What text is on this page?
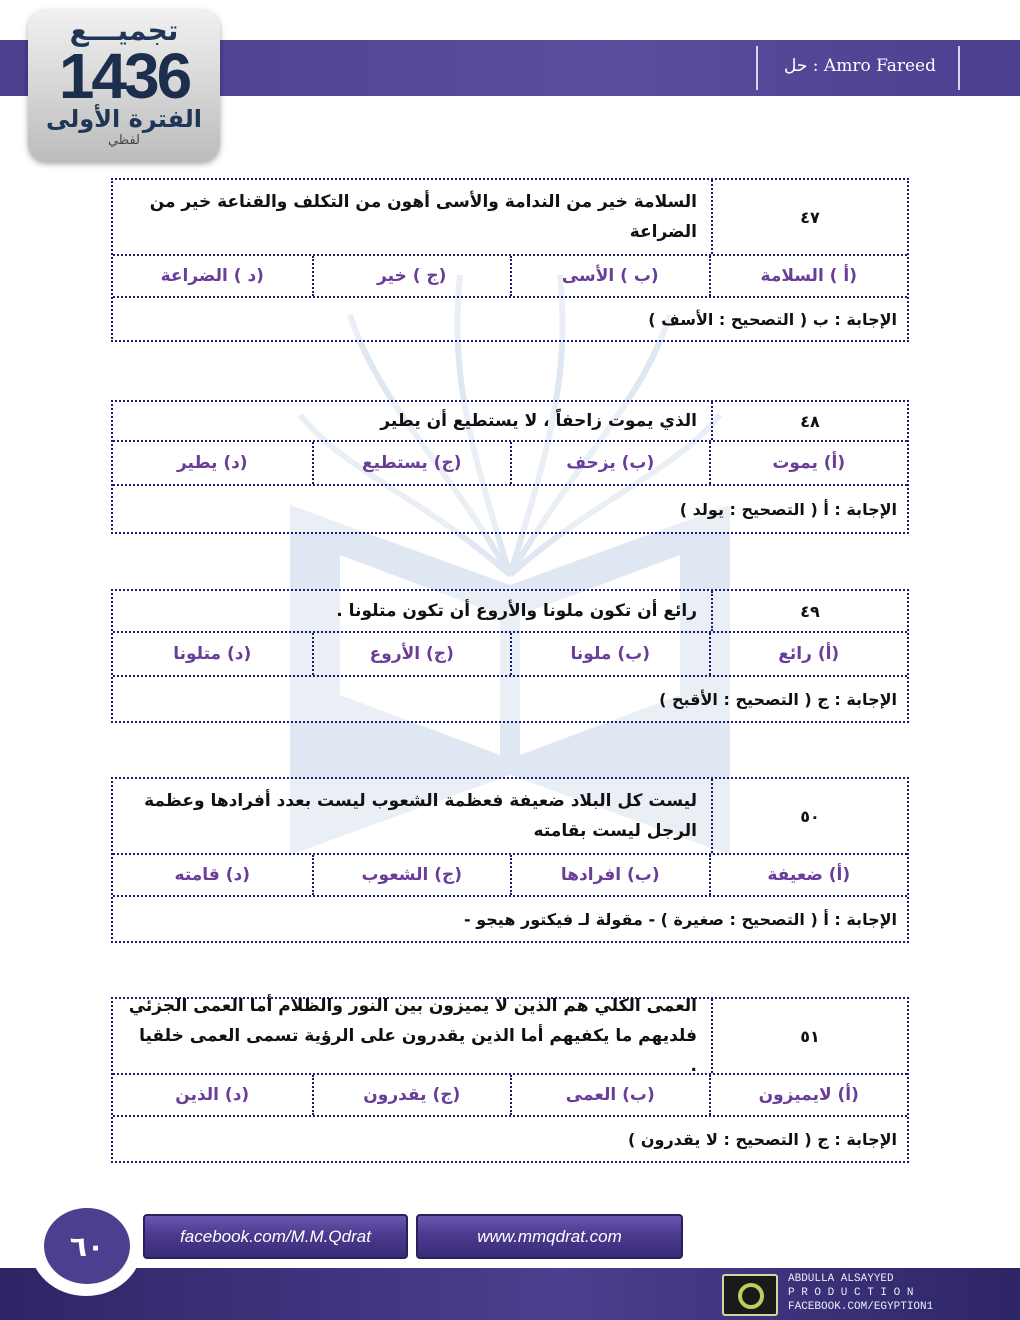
حل : Amro Fareed
تجميـــع
1436
الفترة الأولى
لفظي
٤٧
السلامة خير من الندامة والأسى أهون من التكلف والقناعة خير من الضراعة
(أ ) السلامة
(ب ) الأسى
(ج ) خير
(د ) الضراعة
الإجابة : ب ( التصحيح : الأسف )
٤٨
الذي يموت زاحفاً ، لا يستطيع أن يطير
(أ) يموت
(ب) يزحف
(ج) يستطيع
(د) يطير
الإجابة : أ ( التصحيح : يولد )
٤٩
رائع أن تكون ملونا والأروع أن تكون متلونا .
(أ) رائع
(ب) ملونا
(ج) الأروع
(د) متلونا
الإجابة : ج ( التصحيح : الأقبح )
٥٠
ليست كل البلاد ضعيفة فعظمة الشعوب ليست بعدد أفرادها وعظمة الرجل ليست بقامته
(أ) ضعيفة
(ب) افرادها
(ج) الشعوب
(د) قامته
الإجابة : أ ( التصحيح : صغيرة ) - مقولة لـ فيكتور هيجو -
٥١
العمى الكلي هم الذين لا يميزون بين النور والظلام أما العمى الجزئي فلديهم ما يكفيهم أما الذين يقدرون على الرؤية تسمى العمى خلقيا .
(أ) لايميزون
(ب) العمى
(ج) يقدرون
(د) الذين
الإجابة : ج ( التصحيح : لا يقدرون )
٦٠	facebook.com/M.M.Qdrat	www.mmqdrat.com
ABDULLA ALSAYYED
P R O D U C T I O N
FACEBOOK.COM/EGYPTION1
